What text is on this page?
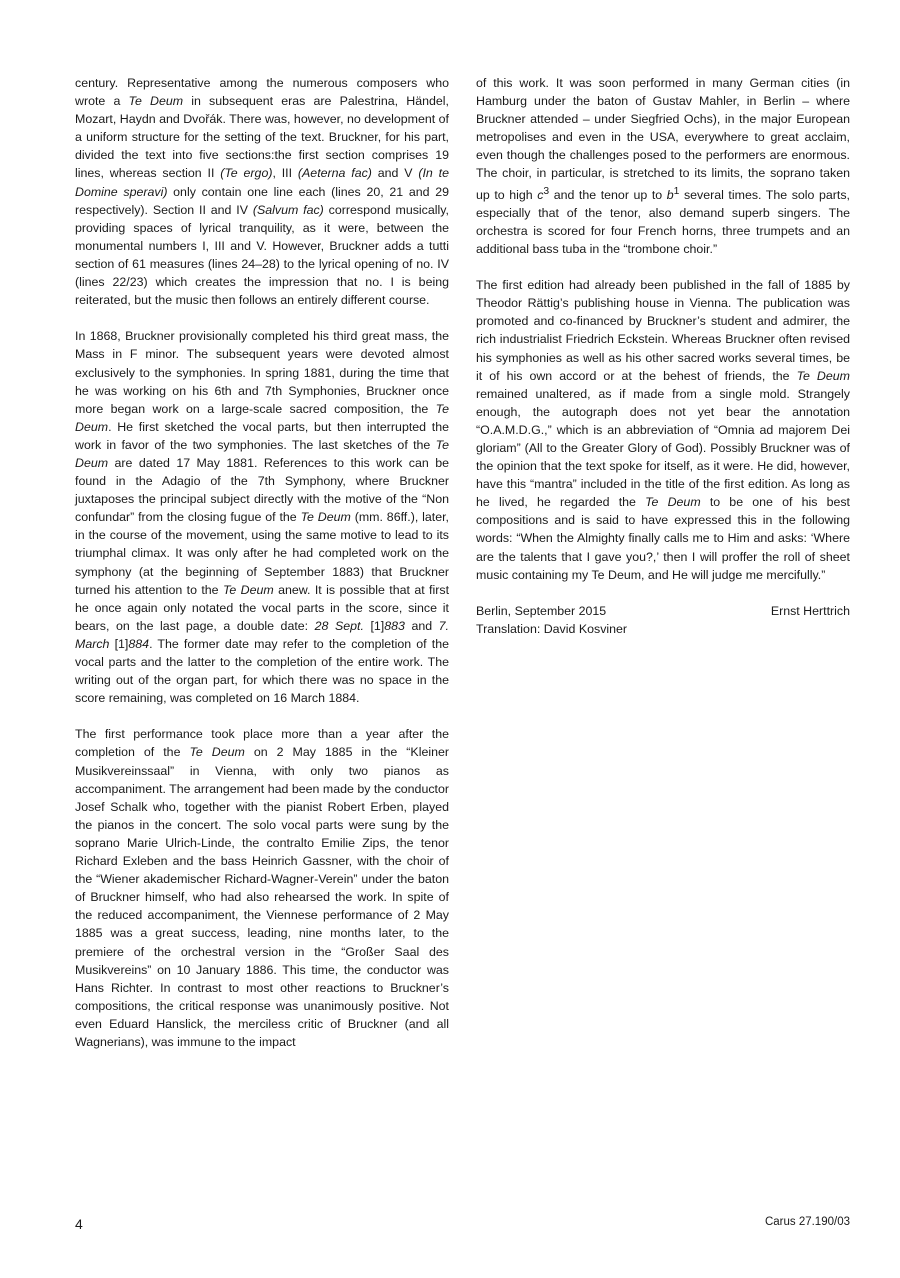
century. Representative among the numerous composers who wrote a Te Deum in subsequent eras are Palestrina, Händel, Mozart, Haydn and Dvořák. There was, however, no development of a uniform structure for the setting of the text. Bruckner, for his part, divided the text into five sections:the first section comprises 19 lines, whereas section II (Te ergo), III (Aeterna fac) and V (In te Domine speravi) only contain one line each (lines 20, 21 and 29 respectively). Section II and IV (Salvum fac) correspond musically, providing spaces of lyrical tranquility, as it were, between the monumental numbers I, III and V. However, Bruckner adds a tutti section of 61 measures (lines 24–28) to the lyrical opening of no. IV (lines 22/23) which creates the impression that no. I is being reiterated, but the music then follows an entirely different course.

In 1868, Bruckner provisionally completed his third great mass, the Mass in F minor. The subsequent years were devoted almost exclusively to the symphonies. In spring 1881, during the time that he was working on his 6th and 7th Symphonies, Bruckner once more began work on a large-scale sacred composition, the Te Deum. He first sketched the vocal parts, but then interrupted the work in favor of the two symphonies. The last sketches of the Te Deum are dated 17 May 1881. References to this work can be found in the Adagio of the 7th Symphony, where Bruckner juxtaposes the principal subject directly with the motive of the “Non confundar” from the closing fugue of the Te Deum (mm. 86ff.), later, in the course of the movement, using the same motive to lead to its triumphal climax. It was only after he had completed work on the symphony (at the beginning of September 1883) that Bruckner turned his attention to the Te Deum anew. It is possible that at first he once again only notated the vocal parts in the score, since it bears, on the last page, a double date: 28 Sept. [1]883 and 7. March [1]884. The former date may refer to the completion of the vocal parts and the latter to the completion of the entire work. The writing out of the organ part, for which there was no space in the score remaining, was completed on 16 March 1884.

The first performance took place more than a year after the completion of the Te Deum on 2 May 1885 in the “Kleiner Musikvereinssaal” in Vienna, with only two pianos as accompaniment. The arrangement had been made by the conductor Josef Schalk who, together with the pianist Robert Erben, played the pianos in the concert. The solo vocal parts were sung by the soprano Marie Ulrich-Linde, the contralto Emilie Zips, the tenor Richard Exleben and the bass Heinrich Gassner, with the choir of the “Wiener akademischer Richard-Wagner-Verein” under the baton of Bruckner himself, who had also rehearsed the work. In spite of the reduced accompaniment, the Viennese performance of 2 May 1885 was a great success, leading, nine months later, to the premiere of the orchestral version in the “Großer Saal des Musikvereins” on 10 January 1886. This time, the conductor was Hans Richter. In contrast to most other reactions to Bruckner’s compositions, the critical response was unanimously positive. Not even Eduard Hanslick, the merciless critic of Bruckner (and all Wagnerians), was immune to the impact

of this work. It was soon performed in many German cities (in Hamburg under the baton of Gustav Mahler, in Berlin – where Bruckner attended – under Siegfried Ochs), in the major European metropolises and even in the USA, everywhere to great acclaim, even though the challenges posed to the performers are enormous. The choir, in particular, is stretched to its limits, the soprano taken up to high $c^3$ and the tenor up to $b^1$ several times. The solo parts, especially that of the tenor, also demand superb singers. The orchestra is scored for four French horns, three trumpets and an additional bass tuba in the “trombone choir.”

The first edition had already been published in the fall of 1885 by Theodor Rättig’s publishing house in Vienna. The publication was promoted and co-financed by Bruckner’s student and admirer, the rich industrialist Friedrich Eckstein. Whereas Bruckner often revised his symphonies as well as his other sacred works several times, be it of his own accord or at the behest of friends, the Te Deum remained unaltered, as if made from a single mold. Strangely enough, the autograph does not yet bear the annotation “O.A.M.D.G.,” which is an abbreviation of “Omnia ad majorem Dei gloriam” (All to the Greater Glory of God). Possibly Bruckner was of the opinion that the text spoke for itself, as it were. He did, however, have this “mantra” included in the title of the first edition. As long as he lived, he regarded the Te Deum to be one of his best compositions and is said to have expressed this in the following words: “When the Almighty finally calls me to Him and asks: ‘Where are the talents that I gave you?,’ then I will proffer the roll of sheet music containing my Te Deum, and He will judge me mercifully.”

Berlin, September 2015	Ernst Herttrich
Translation: David Kosviner
4	Carus 27.190/03
